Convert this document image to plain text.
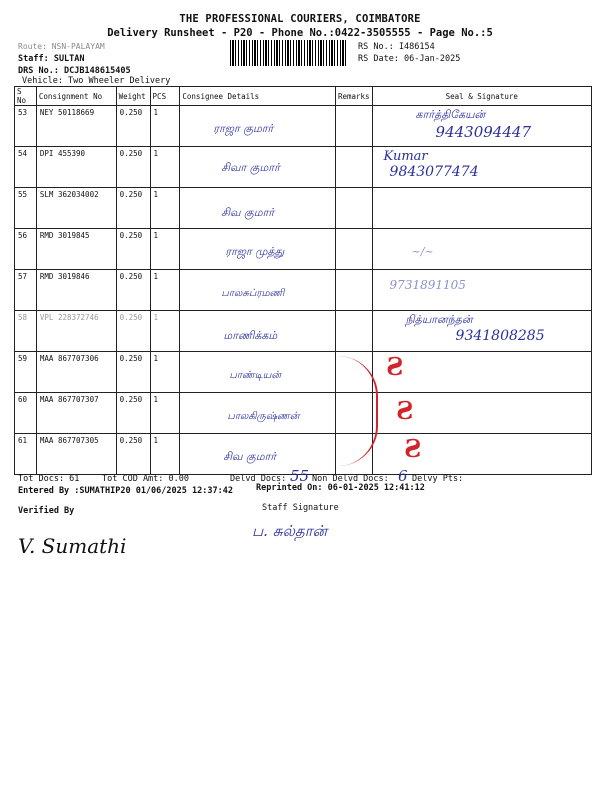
THE PROFESSIONAL COURIERS, COIMBATORE
Delivery Runsheet - P20 - Phone No.:0422-3505555 - Page No.:5
Route: NSN-PALAYAM
Staff: SULTAN
DRS No.: DCJB148615405
Vehicle: Two Wheeler Delivery
RS No.: I486154
RS Date: 06-Jan-2025
S No	Consignment No	Weight	PCS	Consignee Details	Remarks	Seal & Signature
53	NEY 50118669	0.250	1	ராஜா குமார்		கார்த்திகேயன்
9443094447

54	DPI 455390	0.250	1	சிவா குமார்		Kumar
9843077474

55	SLM 362034002	0.250	1	சிவ குமார்		

56	RMD 3019845	0.250	1	ராஜா முத்து		~/~

57	RMD 3019846	0.250	1	பாலசுப்ரமணி		9731891105

58	VPL 228372746	0.250	1	மாணிக்கம்		நித்யானந்தன்
9341808285

59	MAA 867707306	0.250	1	பாண்டியன்		

60	MAA 867707307	0.250	1	பாலகிருஷ்ணன்		

61	MAA 867707305	0.250	1	சிவ குமார்		

Ƨ
Ƨ
Ƨ
Tot Docs: 61	Tot COD Amt: 0.00	Delvd Docs: 55 Non Delvd Docs: 6 Delvy Pts:
Entered By :SUMATHIP20 01/06/2025 12:37:42	Reprinted On: 06-01-2025 12:41:12
Verified By
V. Sumathi
Staff Signature
ப. சுல்தான்
